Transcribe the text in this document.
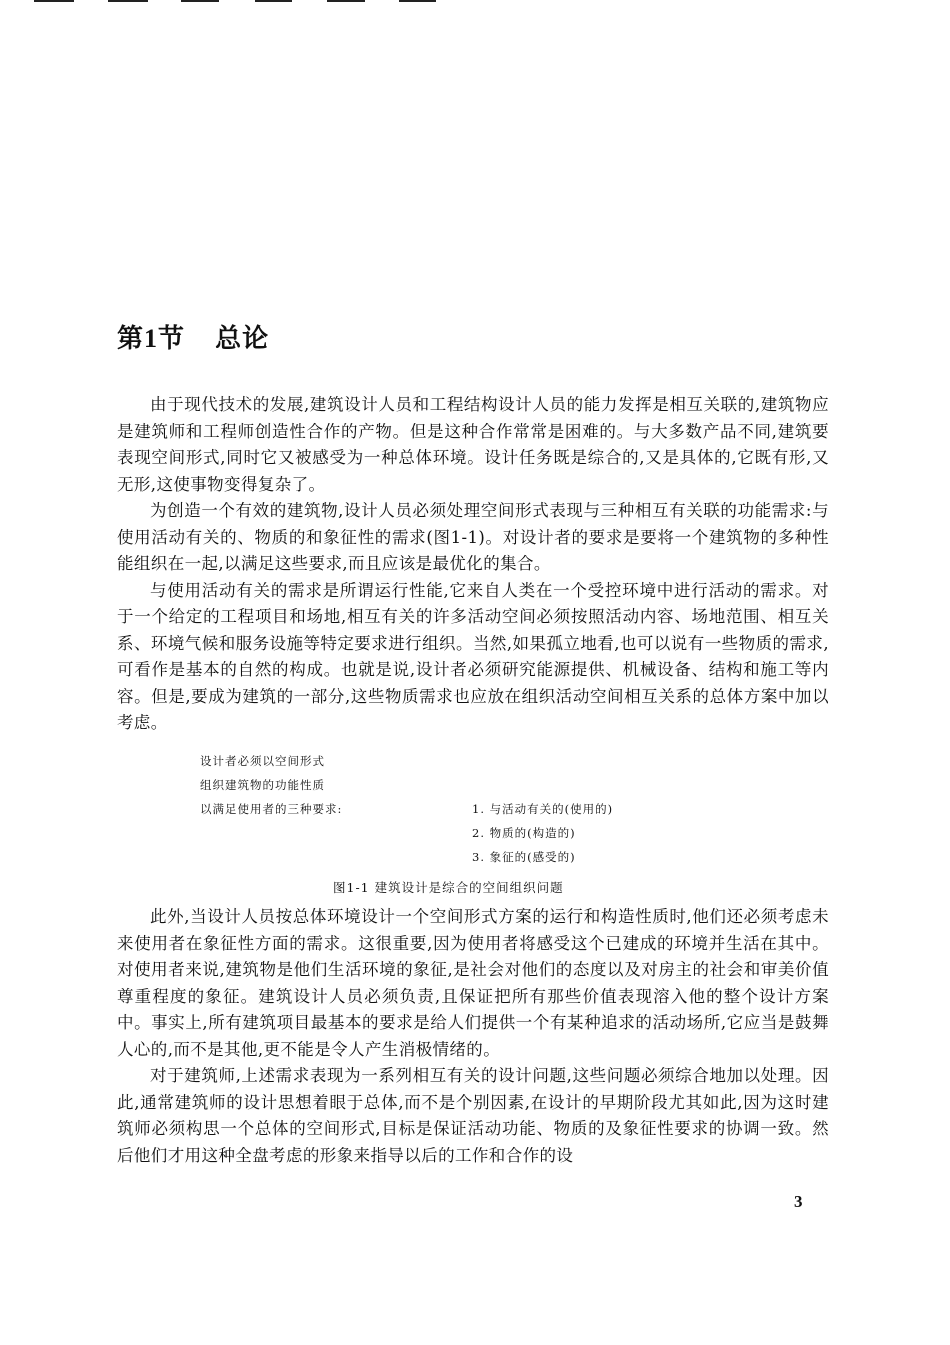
第1节 总论

由于现代技术的发展,建筑设计人员和工程结构设计人员的能力发挥是相互关联的,建筑物应是建筑师和工程师创造性合作的产物。但是这种合作常常是困难的。与大多数产品不同,建筑要表现空间形式,同时它又被感受为一种总体环境。设计任务既是综合的,又是具体的,它既有形,又无形,这使事物变得复杂了。

为创造一个有效的建筑物,设计人员必须处理空间形式表现与三种相互有关联的功能需求:与使用活动有关的、物质的和象征性的需求(图1-1)。对设计者的要求是要将一个建筑物的多种性能组织在一起,以满足这些要求,而且应该是最优化的集合。

与使用活动有关的需求是所谓运行性能,它来自人类在一个受控环境中进行活动的需求。对于一个给定的工程项目和场地,相互有关的许多活动空间必须按照活动内容、场地范围、相互关系、环境气候和服务设施等特定要求进行组织。当然,如果孤立地看,也可以说有一些物质的需求,可看作是基本的自然的构成。也就是说,设计者必须研究能源提供、机械设备、结构和施工等内容。但是,要成为建筑的一部分,这些物质需求也应放在组织活动空间相互关系的总体方案中加以考虑。

设计者必须以空间形式
组织建筑物的功能性质
以满足使用者的三种要求:	1. 与活动有关的(使用的)
2. 物质的(构造的)
3. 象征的(感受的)
图1-1 建筑设计是综合的空间组织问题

此外,当设计人员按总体环境设计一个空间形式方案的运行和构造性质时,他们还必须考虑未来使用者在象征性方面的需求。这很重要,因为使用者将感受这个已建成的环境并生活在其中。对使用者来说,建筑物是他们生活环境的象征,是社会对他们的态度以及对房主的社会和审美价值尊重程度的象征。建筑设计人员必须负责,且保证把所有那些价值表现溶入他的整个设计方案中。事实上,所有建筑项目最基本的要求是给人们提供一个有某种追求的活动场所,它应当是鼓舞人心的,而不是其他,更不能是令人产生消极情绪的。

对于建筑师,上述需求表现为一系列相互有关的设计问题,这些问题必须综合地加以处理。因此,通常建筑师的设计思想着眼于总体,而不是个别因素,在设计的早期阶段尤其如此,因为这时建筑师必须构思一个总体的空间形式,目标是保证活动功能、物质的及象征性要求的协调一致。然后他们才用这种全盘考虑的形象来指导以后的工作和合作的设

3
